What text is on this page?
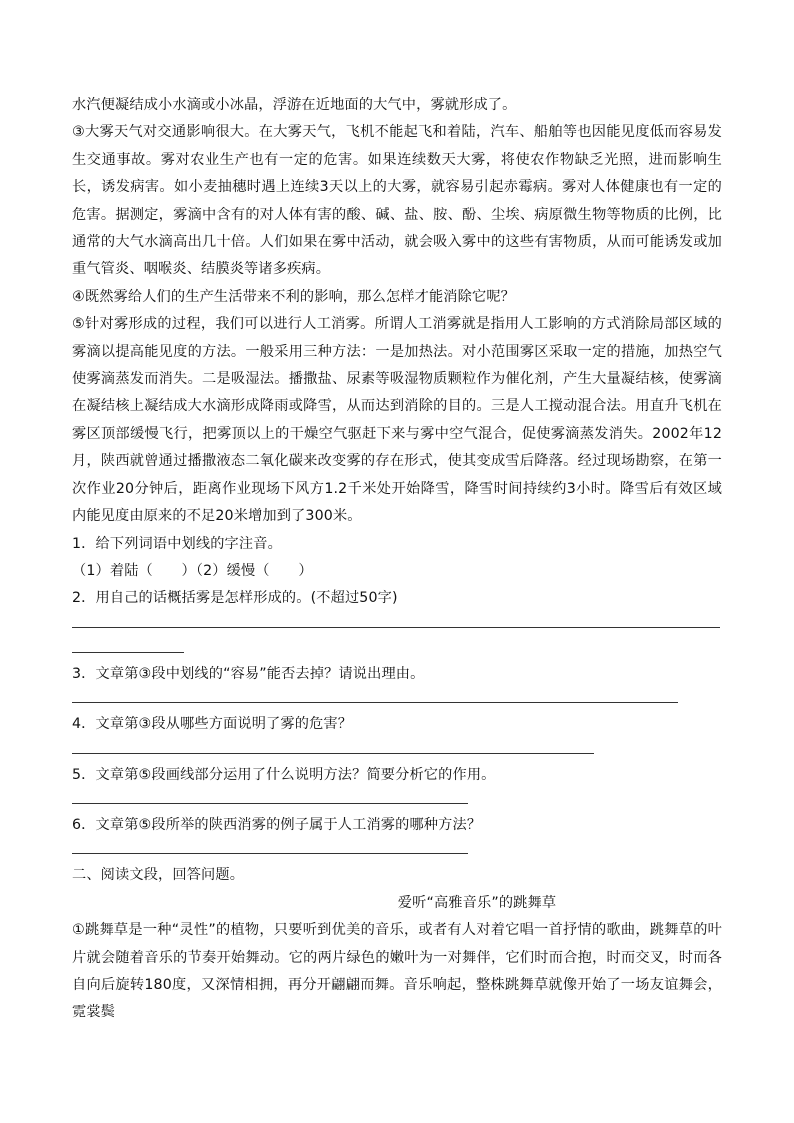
水汽便凝结成小水滴或小冰晶，浮游在近地面的大气中，雾就形成了。

③大雾天气对交通影响很大。在大雾天气，飞机不能起飞和着陆，汽车、船舶等也因能见度低而容易发生交通事故。雾对农业生产也有一定的危害。如果连续数天大雾，将使农作物缺乏光照，进而影响生长，诱发病害。如小麦抽穗时遇上连续3天以上的大雾，就容易引起赤霉病。雾对人体健康也有一定的危害。据测定，雾滴中含有的对人体有害的酸、碱、盐、胺、酚、尘埃、病原微生物等物质的比例，比通常的大气水滴高出几十倍。人们如果在雾中活动，就会吸入雾中的这些有害物质，从而可能诱发或加重气管炎、咽喉炎、结膜炎等诸多疾病。

④既然雾给人们的生产生活带来不利的影响，那么怎样才能消除它呢？

⑤针对雾形成的过程，我们可以进行人工消雾。所谓人工消雾就是指用人工影响的方式消除局部区域的雾滴以提高能见度的方法。一般采用三种方法：一是加热法。对小范围雾区采取一定的措施，加热空气使雾滴蒸发而消失。二是吸湿法。播撒盐、尿素等吸湿物质颗粒作为催化剂，产生大量凝结核，使雾滴在凝结核上凝结成大水滴形成降雨或降雪，从而达到消除的目的。三是人工搅动混合法。用直升飞机在雾区顶部缓慢飞行，把雾顶以上的干燥空气驱赶下来与雾中空气混合，促使雾滴蒸发消失。2002年12月，陕西就曾通过播撒液态二氧化碳来改变雾的存在形式，使其变成雪后降落。经过现场勘察，在第一次作业20分钟后，距离作业现场下风方1.2千米处开始降雪，降雪时间持续约3小时。降雪后有效区域内能见度由原来的不足20米增加到了300米。

1．给下列词语中划线的字注音。

（1）着陆（　　）（2）缓慢（　　）

2．用自己的话概括雾是怎样形成的。(不超过50字)

3．文章第③段中划线的“容易”能否去掉？请说出理由。

4．文章第③段从哪些方面说明了雾的危害？

5．文章第⑤段画线部分运用了什么说明方法？简要分析它的作用。

6．文章第⑤段所举的陕西消雾的例子属于人工消雾的哪种方法？

二、阅读文段，回答问题。

爱听“高雅音乐”的跳舞草

①跳舞草是一种“灵性”的植物，只要听到优美的音乐，或者有人对着它唱一首抒情的歌曲，跳舞草的叶片就会随着音乐的节奏开始舞动。它的两片绿色的嫩叶为一对舞伴，它们时而合抱，时而交叉，时而各自向后旋转180度，又深情相拥，再分开翩翩而舞。音乐响起，整株跳舞草就像开始了一场友谊舞会，霓裳鬓
